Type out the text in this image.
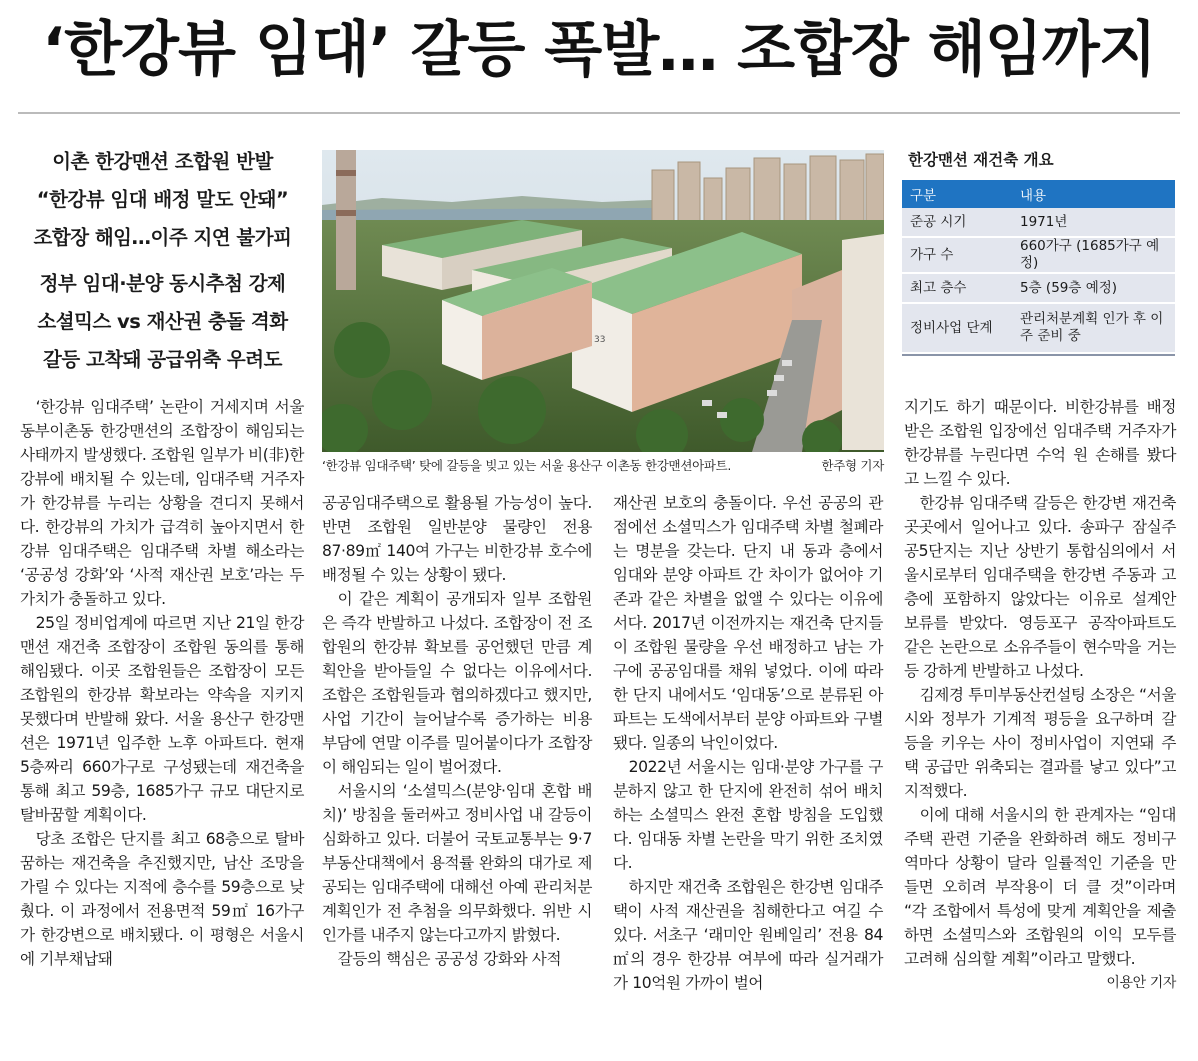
‘한강뷰 임대’ 갈등 폭발… 조합장 해임까지
이촌 한강맨션 조합원 반발
“한강뷰 임대 배정 말도 안돼”
조합장 해임…이주 지연 불가피
정부 임대·분양 동시추첨 강제
소셜믹스 vs 재산권 충돌 격화
갈등 고착돼 공급위축 우려도
33
‘한강뷰 임대주택’ 탓에 갈등을 빚고 있는 서울 용산구 이촌동 한강맨션아파트.	한주형 기자
한강맨션 재건축 개요
구분	내용
준공 시기	1971년
가구 수	660가구 (1685가구 예정)
최고 층수	5층 (59층 예정)
정비사업 단계	관리처분계획 인가 후 이주 준비 중

‘한강뷰 임대주택’ 논란이 거세지며 서울 동부이촌동 한강맨션의 조합장이 해임되는 사태까지 발생했다. 조합원 일부가 비(非)한강뷰에 배치될 수 있는데, 임대주택 거주자가 한강뷰를 누리는 상황을 견디지 못해서다. 한강뷰의 가치가 급격히 높아지면서 한강뷰 임대주택은 임대주택 차별 해소라는 ‘공공성 강화’와 ‘사적 재산권 보호’라는 두 가치가 충돌하고 있다.

25일 정비업계에 따르면 지난 21일 한강맨션 재건축 조합장이 조합원 동의를 통해 해임됐다. 이곳 조합원들은 조합장이 모든 조합원의 한강뷰 확보라는 약속을 지키지 못했다며 반발해 왔다. 서울 용산구 한강맨션은 1971년 입주한 노후 아파트다. 현재 5층짜리 660가구로 구성됐는데 재건축을 통해 최고 59층, 1685가구 규모 대단지로 탈바꿈할 계획이다.

당초 조합은 단지를 최고 68층으로 탈바꿈하는 재건축을 추진했지만, 남산 조망을 가릴 수 있다는 지적에 층수를 59층으로 낮췄다. 이 과정에서 전용면적 59㎡ 16가구가 한강변으로 배치됐다. 이 평형은 서울시에 기부채납돼

공공임대주택으로 활용될 가능성이 높다. 반면 조합원 일반분양 물량인 전용 87·89㎡ 140여 가구는 비한강뷰 호수에 배정될 수 있는 상황이 됐다.

이 같은 계획이 공개되자 일부 조합원은 즉각 반발하고 나섰다. 조합장이 전 조합원의 한강뷰 확보를 공언했던 만큼 계획안을 받아들일 수 없다는 이유에서다. 조합은 조합원들과 협의하겠다고 했지만, 사업 기간이 늘어날수록 증가하는 비용 부담에 연말 이주를 밀어붙이다가 조합장이 해임되는 일이 벌어졌다.

서울시의 ‘소셜믹스(분양·임대 혼합 배치)’ 방침을 둘러싸고 정비사업 내 갈등이 심화하고 있다. 더불어 국토교통부는 9·7 부동산대책에서 용적률 완화의 대가로 제공되는 임대주택에 대해선 아예 관리처분계획인가 전 추첨을 의무화했다. 위반 시 인가를 내주지 않는다고까지 밝혔다.

갈등의 핵심은 공공성 강화와 사적

재산권 보호의 충돌이다. 우선 공공의 관점에선 소셜믹스가 임대주택 차별 철폐라는 명분을 갖는다. 단지 내 동과 층에서 임대와 분양 아파트 간 차이가 없어야 기존과 같은 차별을 없앨 수 있다는 이유에서다. 2017년 이전까지는 재건축 단지들이 조합원 물량을 우선 배정하고 남는 가구에 공공임대를 채워 넣었다. 이에 따라 한 단지 내에서도 ‘임대동’으로 분류된 아파트는 도색에서부터 분양 아파트와 구별됐다. 일종의 낙인이었다.

2022년 서울시는 임대·분양 가구를 구분하지 않고 한 단지에 완전히 섞어 배치하는 소셜믹스 완전 혼합 방침을 도입했다. 임대동 차별 논란을 막기 위한 조치였다.

하지만 재건축 조합원은 한강변 임대주택이 사적 재산권을 침해한다고 여길 수 있다. 서초구 ‘래미안 원베일리’ 전용 84㎡의 경우 한강뷰 여부에 따라 실거래가가 10억원 가까이 벌어

지기도 하기 때문이다. 비한강뷰를 배정받은 조합원 입장에선 임대주택 거주자가 한강뷰를 누린다면 수억 원 손해를 봤다고 느낄 수 있다.

한강뷰 임대주택 갈등은 한강변 재건축 곳곳에서 일어나고 있다. 송파구 잠실주공5단지는 지난 상반기 통합심의에서 서울시로부터 임대주택을 한강변 주동과 고층에 포함하지 않았다는 이유로 설계안 보류를 받았다. 영등포구 공작아파트도 같은 논란으로 소유주들이 현수막을 거는 등 강하게 반발하고 나섰다.

김제경 투미부동산컨설팅 소장은 “서울시와 정부가 기계적 평등을 요구하며 갈등을 키우는 사이 정비사업이 지연돼 주택 공급만 위축되는 결과를 낳고 있다”고 지적했다.

이에 대해 서울시의 한 관계자는 “임대주택 관련 기준을 완화하려 해도 정비구역마다 상황이 달라 일률적인 기준을 만들면 오히려 부작용이 더 클 것”이라며 “각 조합에서 특성에 맞게 계획안을 제출하면 소셜믹스와 조합원의 이익 모두를 고려해 심의할 계획”이라고 말했다.

이용안 기자
